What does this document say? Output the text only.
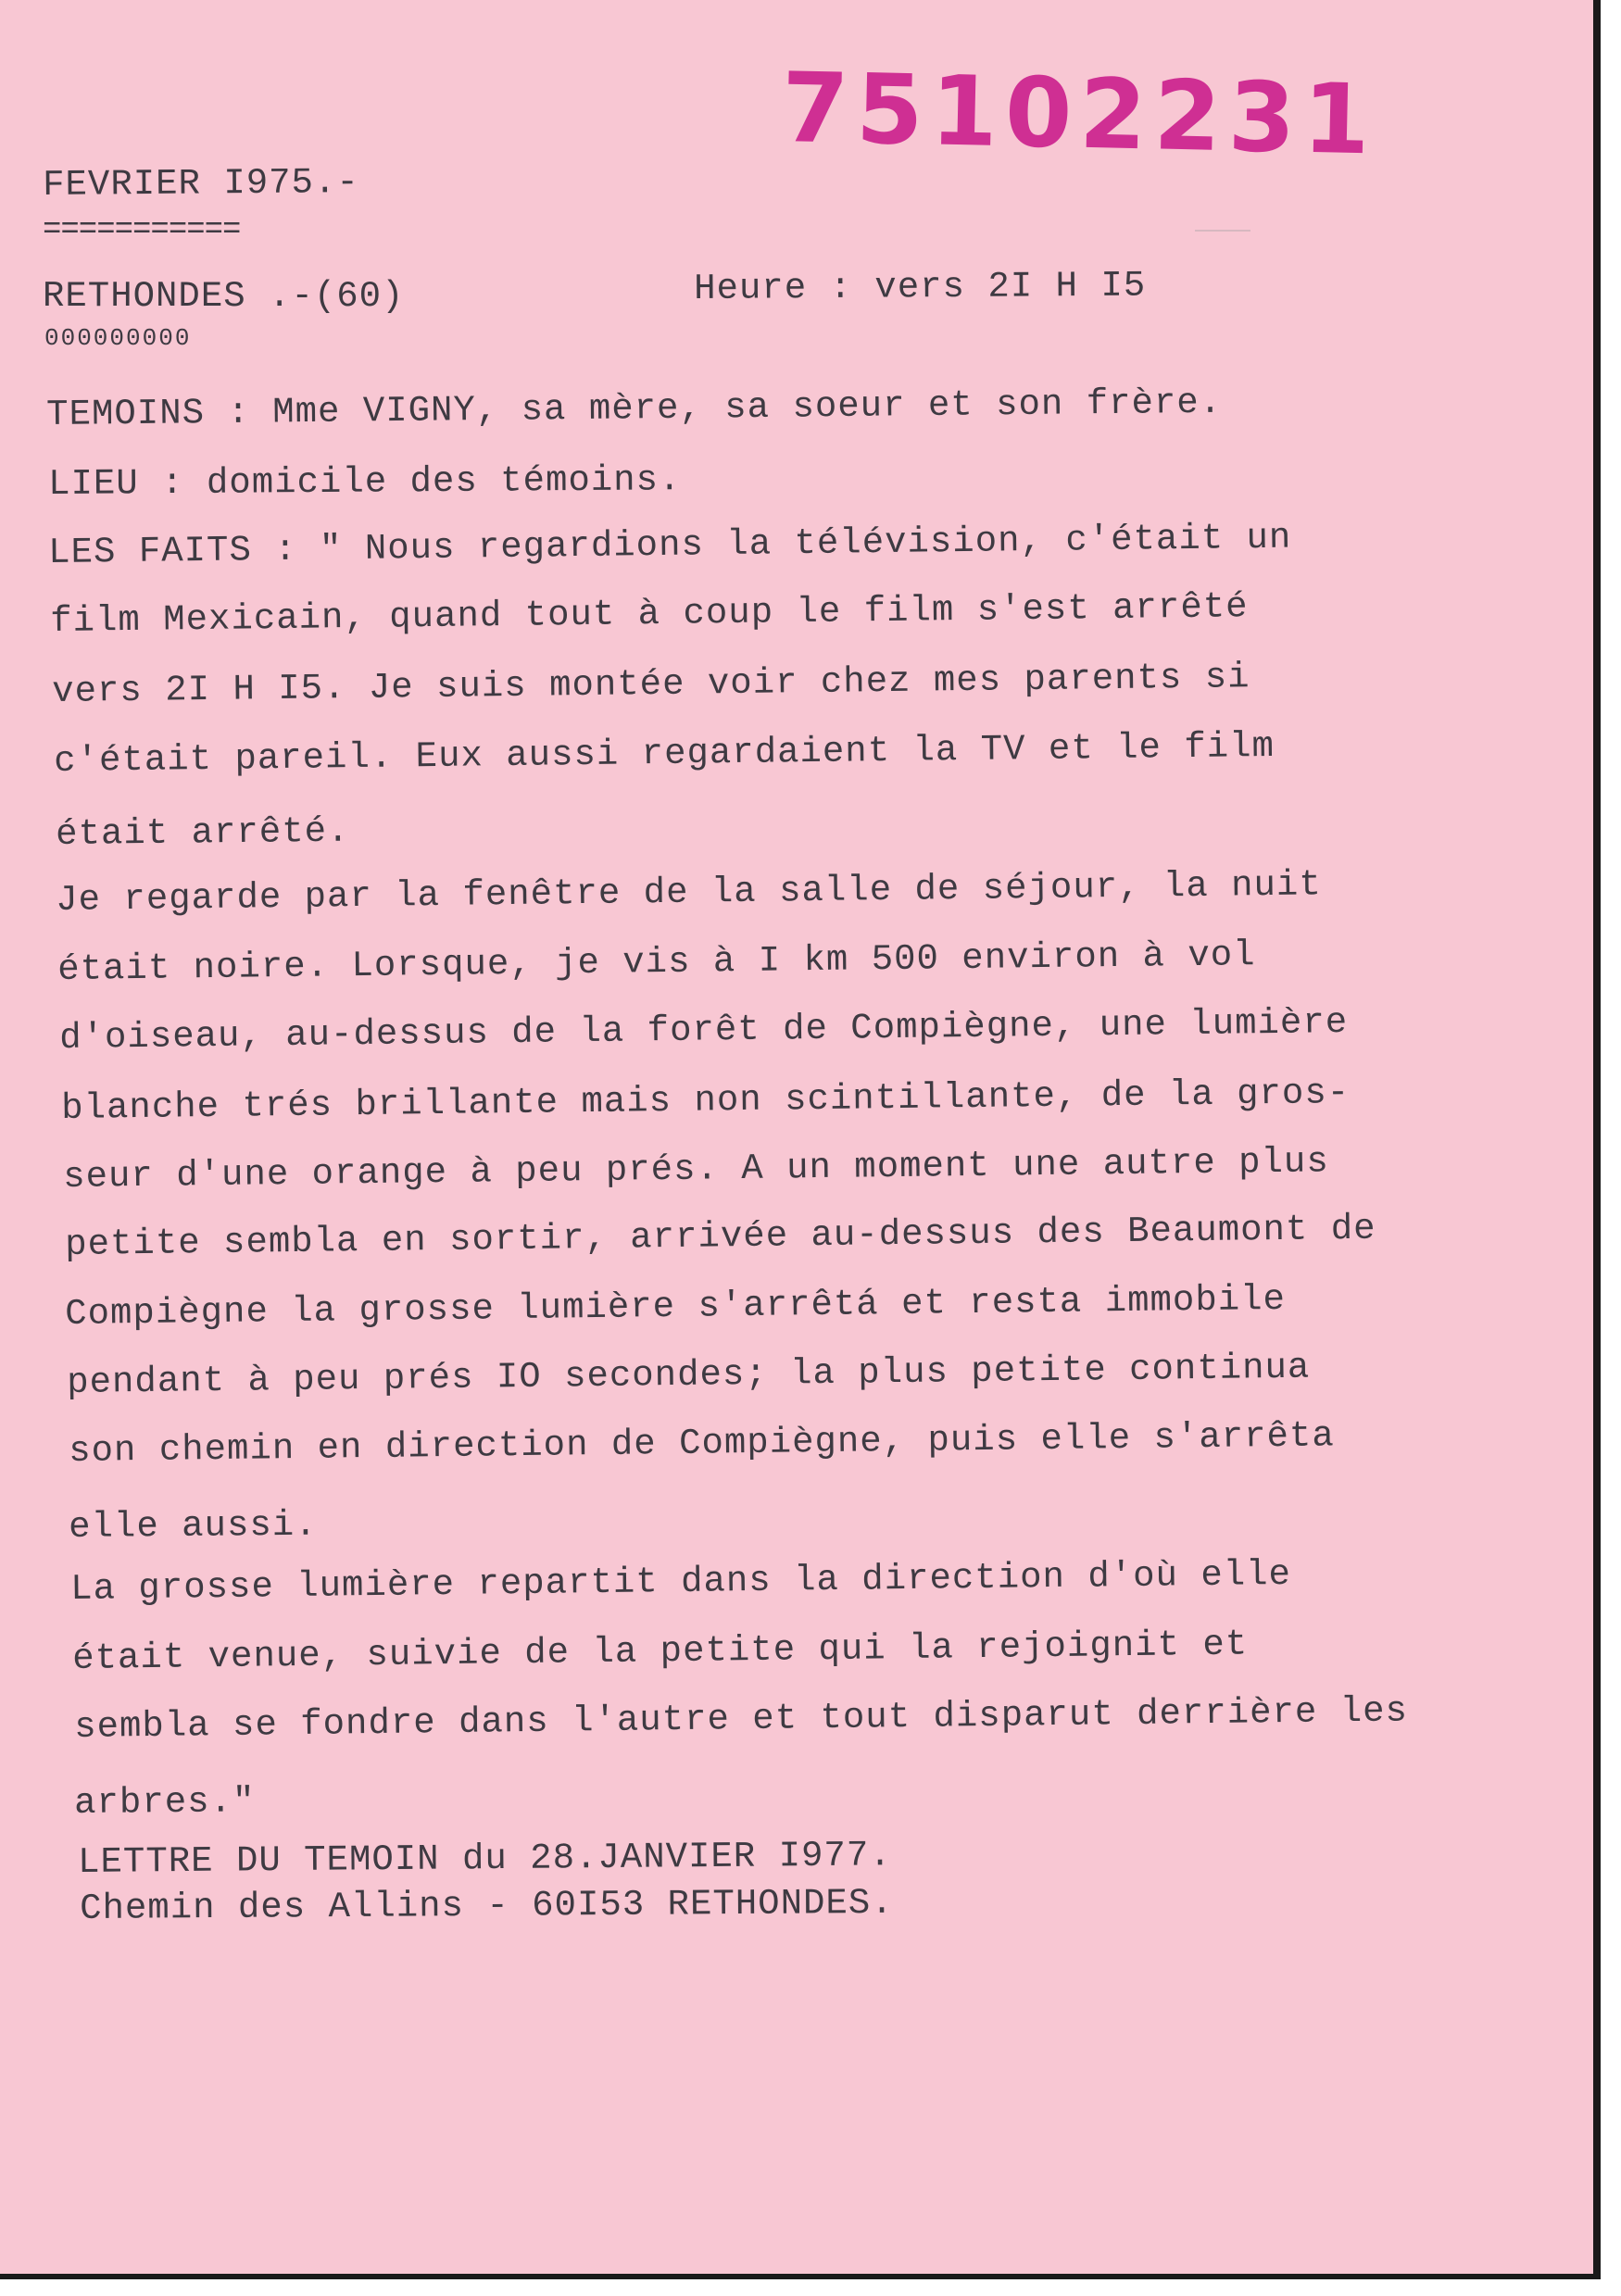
75102231
FEVRIER I975.-
===========
RETHONDES .-(60)
000000000
Heure : vers 2I H I5
TEMOINS : Mme VIGNY, sa mère, sa soeur et son frère.
LIEU : domicile des témoins.
LES FAITS : " Nous regardions la télévision, c'était un
film Mexicain, quand tout à coup le film s'est arrêté
vers 2I H I5. Je suis montée voir chez mes parents si
c'était pareil. Eux aussi regardaient la TV et le film
était arrêté.
Je regarde par la fenêtre de la salle de séjour, la nuit
était noire. Lorsque, je vis à I km 500 environ à vol
d'oiseau, au-dessus de la forêt de Compiègne, une lumière
blanche trés brillante mais non scintillante, de la gros-
seur d'une orange à peu prés. A un moment une autre plus
petite sembla en sortir, arrivée au-dessus des Beaumont de
Compiègne la grosse lumière s'arrêtá et resta immobile
pendant à peu prés IO secondes; la plus petite continua
son chemin en direction de Compiègne, puis elle s'arrêta
elle aussi.
La grosse lumière repartit dans la direction d'où elle
était venue, suivie de la petite qui la rejoignit et
sembla se fondre dans l'autre et tout disparut derrière les
arbres."
LETTRE DU TEMOIN du 28.JANVIER I977.
Chemin des Allins - 60I53 RETHONDES.
